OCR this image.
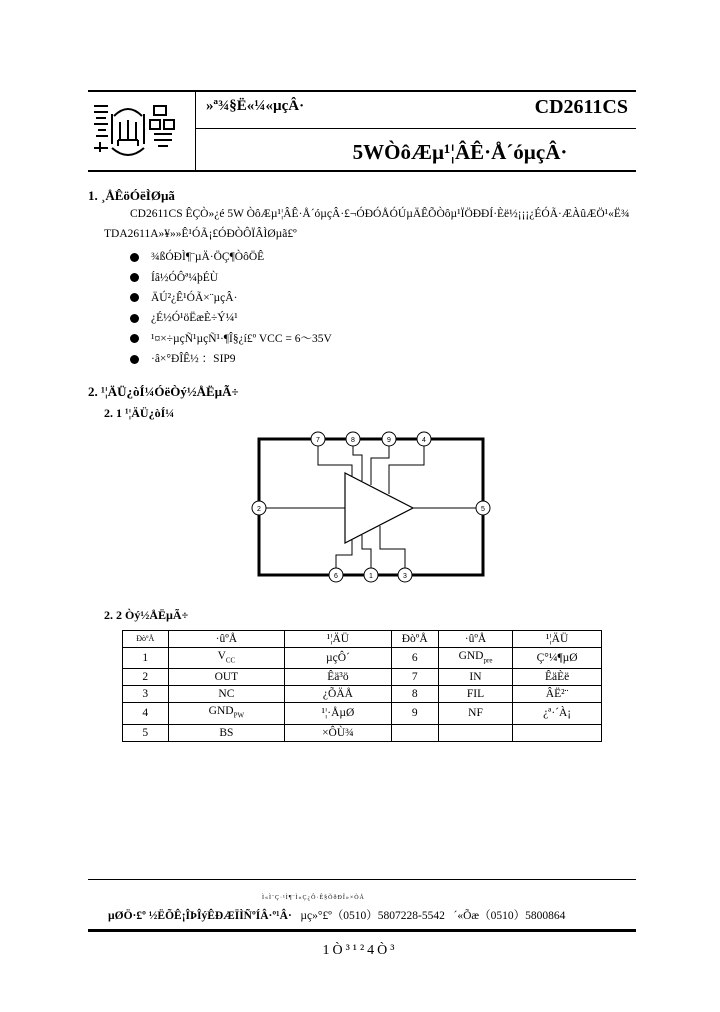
»ª¾§Ë«¼«µçÂ·	CD2611CS
5WÒôÆµ¹¦ÂÊ·Å´óµçÂ·
1. ¸ÅÊöÓëÌØµã
CD2611CS ÊÇÒ»¿é 5W ÒôÆµ¹¦ÂÊ·Å´óµçÂ·£¬ÓÐÓÅÓÚµÄÊÕÒôµ¹ÏÖÐÐÍ·Èë½¡¡¡¿ÉÓÃ·ÆÀûÆÖ¹«Ë¾
TDA2611A»¥»»Ê¹ÓÃ¡£ÓÐÒÔÏÂÌØµã£º
¾ßÓÐÌ¶¨µÄ·ÖÇ¶ÒôÖÊ
Íâ½ÓÔª¼þÉÙ
ÄÚ²¿Ê¹ÓÃ×¨µçÂ·
¿É½Ó¹öËæÈ÷Ý¼¹
¹¤×÷µçÑ¹µçÑ¹·¶Î§¿í£º VCC = 6～35V
·â×°ÐÎÊ½ ：SIP9
2. ¹¦ÄÜ¿òÍ¼ÓëÒý½ÅËµÃ÷
2. 1 ¹¦ÄÜ¿òÍ¼
7	8	9	4
2	5
6	1	3
2. 2 Òý½ÅËµÃ÷
ÐòºÅ	·ûºÅ	¹¦ÄÜ	ÐòºÅ	·ûºÅ	¹¦ÄÜ
1	$V_{CC}$	µçÔ´	6	$GND_{pre}$	Ç°¼¶µØ
2	OUT	Êä³ö	7	IN	ÊäÈë
3	NC	¿ÕÄÅ	8	FIL	ÂË²¨
4	$GND_{PW}$	¹¦·ÅµØ	9	NF	¿ª·´À¡
5	BS	×ÔÙ¾			
Ì«Ì¨Ç·¹Ì¶¨Ì«Ç¿Ô·Ê§ÕðÐÎ»×ÒÅ
µØÖ·£º ½ËÕÊ¡ÎÞÎýÊÐÆÏÌÑºÍÂ·º¹Â· µç»°£º（0510）5807228-5542 ´«Õæ（0510）5800864
1Ò³¹²4Ò³
